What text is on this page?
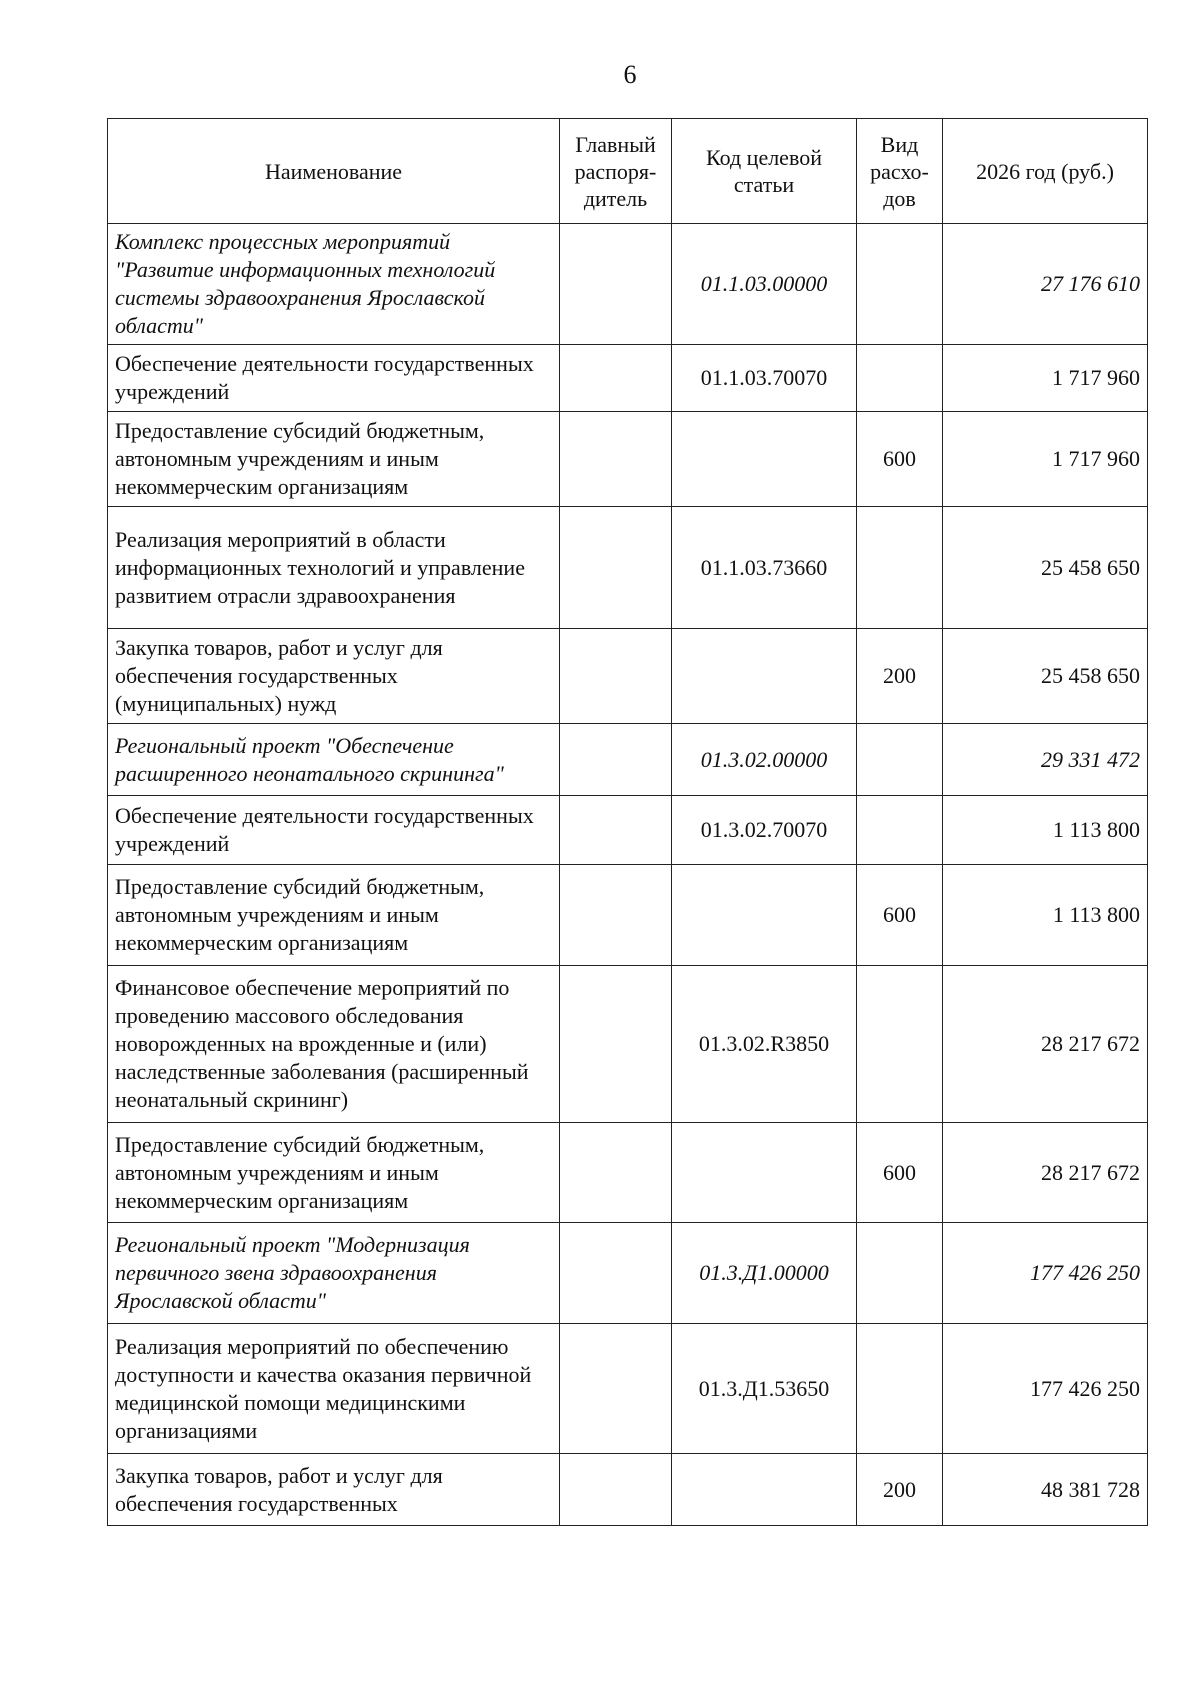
6
Наименование	Главный распоря-дитель	Код целевой статьи	Вид расхо-дов	2026 год (руб.)
Комплекс процессных мероприятий "Развитие информационных технологий системы здравоохранения Ярославской области"		01.1.03.00000		27 176 610
Обеспечение деятельности государственных учреждений		01.1.03.70070		1 717 960
Предоставление субсидий бюджетным, автономным учреждениям и иным некоммерческим организациям			600	1 717 960
Реализация мероприятий в области информационных технологий и управление развитием отрасли здравоохранения		01.1.03.73660		25 458 650
Закупка товаров, работ и услуг для обеспечения государственных (муниципальных) нужд			200	25 458 650
Региональный проект "Обеспечение расширенного неонатального скрининга"		01.3.02.00000		29 331 472
Обеспечение деятельности государственных учреждений		01.3.02.70070		1 113 800
Предоставление субсидий бюджетным, автономным учреждениям и иным некоммерческим организациям			600	1 113 800
Финансовое обеспечение мероприятий по проведению массового обследования новорожденных на врожденные и (или) наследственные заболевания (расширенный неонатальный скрининг)		01.3.02.R3850		28 217 672
Предоставление субсидий бюджетным, автономным учреждениям и иным некоммерческим организациям			600	28 217 672
Региональный проект "Модернизация первичного звена здравоохранения Ярославской области"		01.3.Д1.00000		177 426 250
Реализация мероприятий по обеспечению доступности и качества оказания первичной медицинской помощи медицинскими организациями		01.3.Д1.53650		177 426 250
Закупка товаров, работ и услуг для обеспечения государственных			200	48 381 728
